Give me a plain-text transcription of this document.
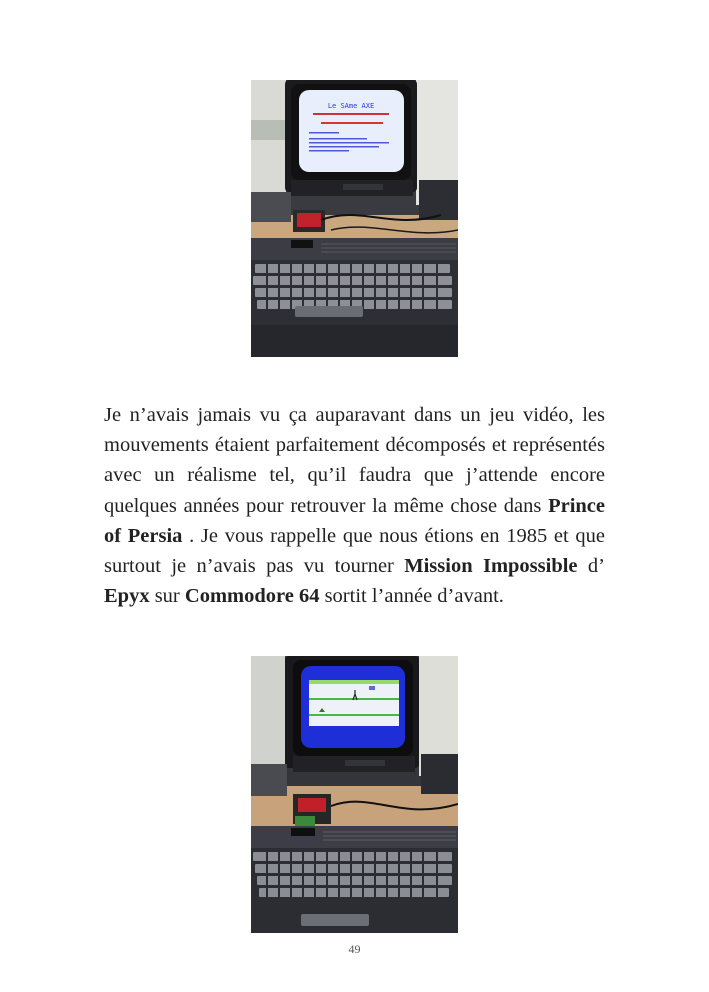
Le SAme AXE

Je n’avais jamais vu ça auparavant dans un jeu vidéo, les mouvements étaient parfaitement décomposés et représentés avec un réalisme tel, qu’il faudra que j’attende encore quelques années pour retrouver la même chose dans Prince of Persia . Je vous rappelle que nous étions en 1985 et que surtout je n’avais pas vu tourner Mission Impossible d’ Epyx sur Commodore 64 sortit l’année d’avant.

49
